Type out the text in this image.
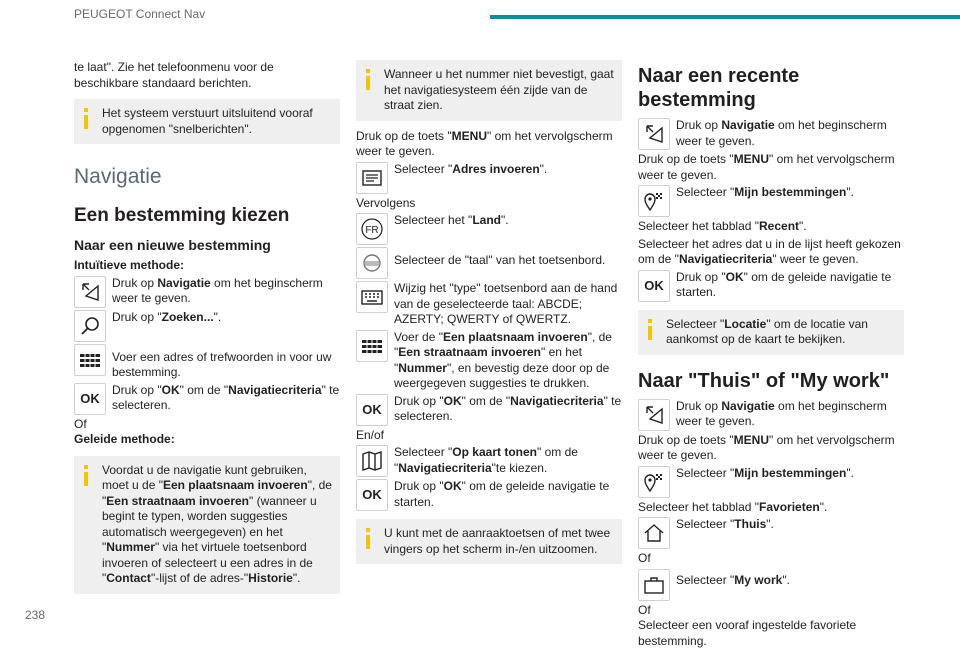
PEUGEOT Connect Nav
238
te laat". Zie het telefoonmenu voor de beschikbare standaard berichten.
Het systeem verstuurt uitsluitend vooraf opgenomen "snelberichten".
Navigatie
Een bestemming kiezen
Naar een nieuwe bestemming
Intuïtieve methode:
Druk op Navigatie om het beginscherm weer te geven.
Druk op "Zoeken...".
Voer een adres of trefwoorden in voor uw bestemming.
OK
Druk op "OK" om de "Navigatiecriteria" te selecteren.
Of
Geleide methode:
Voordat u de navigatie kunt gebruiken, moet u de "Een plaatsnaam invoeren", de "Een straatnaam invoeren" (wanneer u begint te typen, worden suggesties automatisch weergegeven) en het "Nummer" via het virtuele toetsenbord invoeren of selecteert u een adres in de "Contact"-lijst of de adres-"Historie".
Wanneer u het nummer niet bevestigt, gaat het navigatiesysteem één zijde van de straat zien.
Druk op de toets "MENU" om het vervolgscherm weer te geven.
Selecteer "Adres invoeren".
Vervolgens
FR
Selecteer het "Land".
Selecteer de "taal" van het toetsenbord.
Wijzig het "type" toetsenbord aan de hand van de geselecteerde taal: ABCDE; AZERTY; QWERTY of QWERTZ.
Voer de "Een plaatsnaam invoeren", de "Een straatnaam invoeren" en het "Nummer", en bevestig deze door op de weergegeven suggesties te drukken.
OK
Druk op "OK" om de "Navigatiecriteria" te selecteren.
En/of
Selecteer "Op kaart tonen" om de "Navigatiecriteria"te kiezen.
OK
Druk op "OK" om de geleide navigatie te starten.
U kunt met de aanraaktoetsen of met twee vingers op het scherm in-/en uitzoomen.
Naar een recente bestemming
Druk op Navigatie om het beginscherm weer te geven.
Druk op de toets "MENU" om het vervolgscherm weer te geven.
Selecteer "Mijn bestemmingen".
Selecteer het tabblad "Recent".
Selecteer het adres dat u in de lijst heeft gekozen om de "Navigatiecriteria" weer te geven.
OK
Druk op "OK" om de geleide navigatie te starten.
Selecteer "Locatie" om de locatie van aankomst op de kaart te bekijken.
Naar "Thuis" of "My work"
Druk op Navigatie om het beginscherm weer te geven.
Druk op de toets "MENU" om het vervolgscherm weer te geven.
Selecteer "Mijn bestemmingen".
Selecteer het tabblad "Favorieten".
Selecteer "Thuis".
Of
Selecteer "My work".
Of
Selecteer een vooraf ingestelde favoriete bestemming.
